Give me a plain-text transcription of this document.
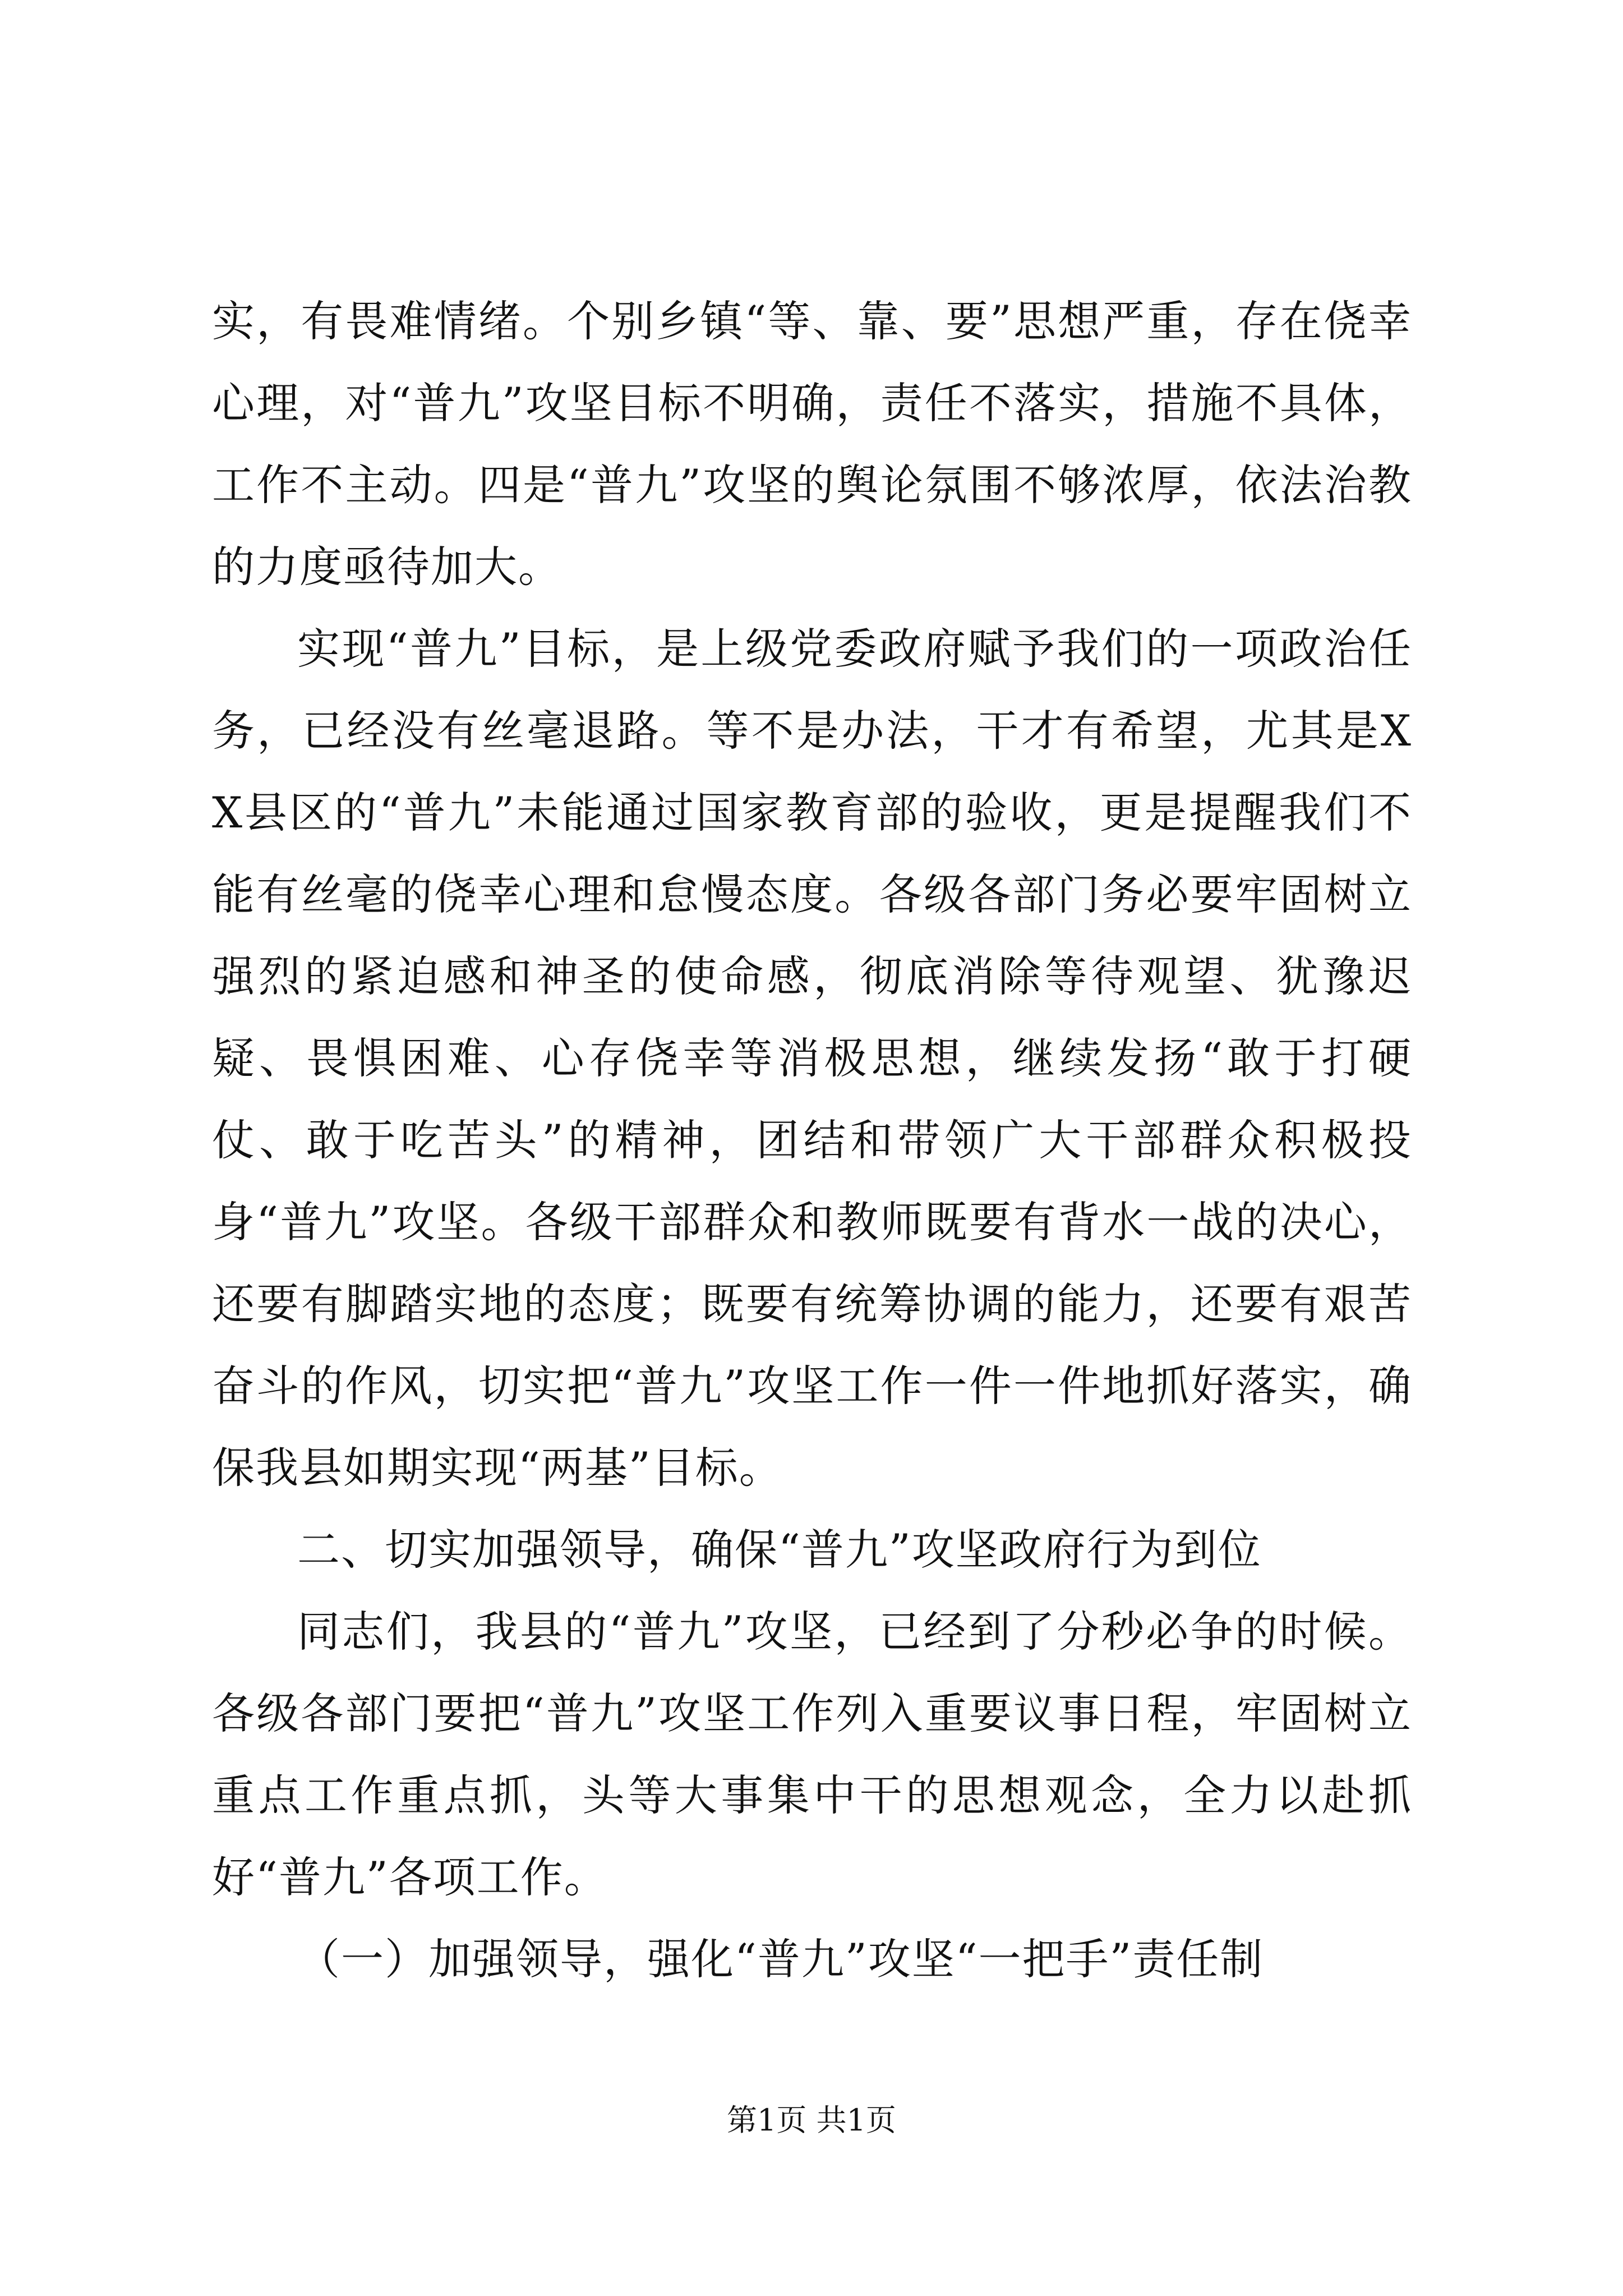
实，有畏难情绪。个别乡镇“等、靠、要”思想严重，存在侥幸心理，对“普九”攻坚目标不明确，责任不落实，措施不具体，工作不主动。四是“普九”攻坚的舆论氛围不够浓厚，依法治教的力度亟待加大。

实现“普九”目标，是上级党委政府赋予我们的一项政治任务，已经没有丝毫退路。等不是办法，干才有希望，尤其是XX县区的“普九”未能通过国家教育部的验收，更是提醒我们不能有丝毫的侥幸心理和怠慢态度。各级各部门务必要牢固树立强烈的紧迫感和神圣的使命感，彻底消除等待观望、犹豫迟疑、畏惧困难、心存侥幸等消极思想，继续发扬“敢于打硬仗、敢于吃苦头”的精神，团结和带领广大干部群众积极投身“普九”攻坚。各级干部群众和教师既要有背水一战的决心，还要有脚踏实地的态度；既要有统筹协调的能力，还要有艰苦奋斗的作风，切实把“普九”攻坚工作一件一件地抓好落实，确保我县如期实现“两基”目标。

二、切实加强领导，确保“普九”攻坚政府行为到位

同志们，我县的“普九”攻坚，已经到了分秒必争的时候。各级各部门要把“普九”攻坚工作列入重要议事日程，牢固树立重点工作重点抓，头等大事集中干的思想观念，全力以赴抓好“普九”各项工作。

（一）加强领导，强化“普九”攻坚“一把手”责任制

第1页 共1页
